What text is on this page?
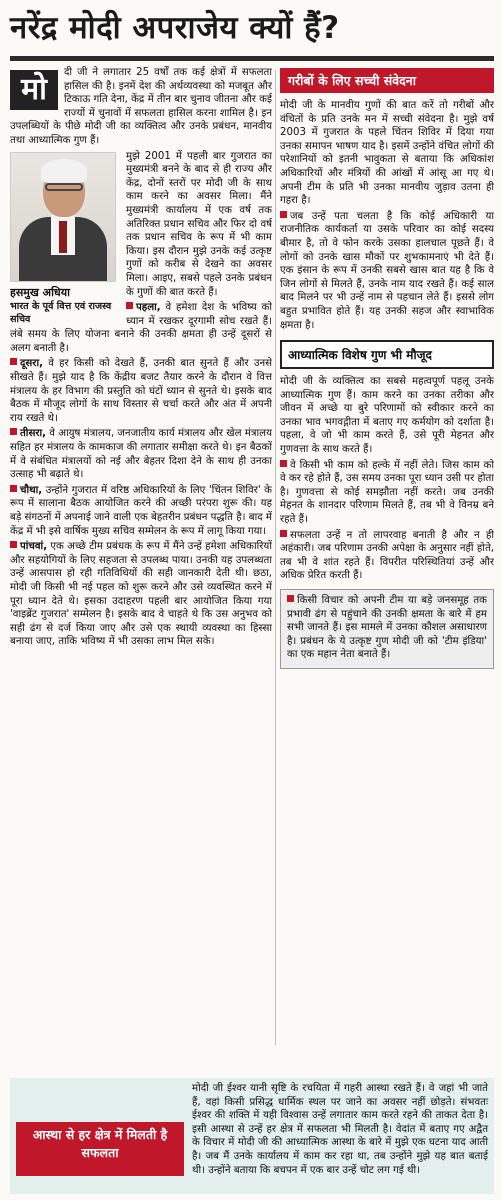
नरेंद्र मोदी अपराजेय क्यों हैं?
मो	दी जी ने लगातार 25 वर्षों तक कई क्षेत्रों में सफलता हासिल की है। इनमें देश की अर्थव्यवस्था को मजबूत और टिकाऊ गति देना, केंद्र में तीन बार चुनाव जीतना और कई राज्यों में चुनावों में सफलता हासिल करना शामिल है। इन उपलब्धियों के पीछे मोदी जी का व्यक्तित्व और उनके प्रबंधन, मानवीय तथा आध्यात्मिक गुण हैं।

हसमुख अधिया
भारत के पूर्व वित्त एवं राजस्व सचिव

मुझे 2001 में पहली बार गुजरात का मुख्यमंत्री बनने के बाद से ही राज्य और केंद्र, दोनों स्तरों पर मोदी जी के साथ काम करने का अवसर मिला। मैंने मुख्यमंत्री कार्यालय में एक वर्ष तक अतिरिक्त प्रधान सचिव और फिर दो वर्ष तक प्रधान सचिव के रूप में भी काम किया। इस दौरान मुझे उनके कई उत्कृष्ट गुणों को करीब से देखने का अवसर मिला। आइए, सबसे पहले उनके प्रबंधन के गुणों की बात करते हैं।

पहला, वे हमेशा देश के भविष्य को ध्यान में रखकर दूरगामी सोच रखते हैं। लंबे समय के लिए योजना बनाने की उनकी क्षमता ही उन्हें दूसरों से अलग बनाती है।

दूसरा, वे हर किसी को देखते हैं, उनकी बात सुनते हैं और उनसे सीखते हैं। मुझे याद है कि केंद्रीय बजट तैयार करने के दौरान वे वित्त मंत्रालय के हर विभाग की प्रस्तुति को घंटों ध्यान से सुनते थे। इसके बाद बैठक में मौजूद लोगों के साथ विस्तार से चर्चा करते और अंत में अपनी राय रखते थे।

तीसरा, वे आयुष मंत्रालय, जनजातीय कार्य मंत्रालय और खेल मंत्रालय सहित हर मंत्रालय के कामकाज की लगातार समीक्षा करते थे। इन बैठकों में वे संबंधित मंत्रालयों को नई और बेहतर दिशा देने के साथ ही उनका उत्साह भी बढ़ाते थे।

चौथा, उन्होंने गुजरात में वरिष्ठ अधिकारियों के लिए 'चिंतन शिविर' के रूप में सालाना बैठक आयोजित करने की अच्छी परंपरा शुरू की। यह बड़े संगठनों में अपनाई जाने वाली एक बेहतरीन प्रबंधन पद्धति है। बाद में केंद्र में भी इसे वार्षिक मुख्य सचिव सम्मेलन के रूप में लागू किया गया।

पांचवां, एक अच्छे टीम प्रबंधक के रूप में मैंने उन्हें हमेशा अधिकारियों और सहयोगियों के लिए सहजता से उपलब्ध पाया। उनकी यह उपलब्धता उन्हें आसपास हो रही गतिविधियों की सही जानकारी देती थी। छठा, मोदी जी किसी भी नई पहल को शुरू करने और उसे व्यवस्थित करने में पूरा ध्यान देते थे। इसका उदाहरण पहली बार आयोजित किया गया 'वाइब्रेंट गुजरात' सम्मेलन है। इसके बाद वे चाहते थे कि उस अनुभव को सही ढंग से दर्ज किया जाए और उसे एक स्थायी व्यवस्था का हिस्सा बनाया जाए, ताकि भविष्य में भी उसका लाभ मिल सके।

गरीबों के लिए सच्ची संवेदना

मोदी जी के मानवीय गुणों की बात करें तो गरीबों और वंचितों के प्रति उनके मन में सच्ची संवेदना है। मुझे वर्ष 2003 में गुजरात के पहले चिंतन शिविर में दिया गया उनका समापन भाषण याद है। इसमें उन्होंने वंचित लोगों की परेशानियों को इतनी भावुकता से बताया कि अधिकांश अधिकारियों और मंत्रियों की आंखों में आंसू आ गए थे। अपनी टीम के प्रति भी उनका मानवीय जुड़ाव उतना ही गहरा है।

जब उन्हें पता चलता है कि कोई अधिकारी या राजनीतिक कार्यकर्ता या उसके परिवार का कोई सदस्य बीमार है, तो वे फोन करके उसका हालचाल पूछते हैं। वे लोगों को उनके खास मौकों पर शुभकामनाएं भी देते हैं। एक इंसान के रूप में उनकी सबसे खास बात यह है कि वे जिन लोगों से मिलते हैं, उनके नाम याद रखते हैं। कई साल बाद मिलने पर भी उन्हें नाम से पहचान लेते हैं। इससे लोग बहुत प्रभावित होते हैं। यह उनकी सहज और स्वाभाविक क्षमता है।

आध्यात्मिक विशेष गुण भी मौजूद

मोदी जी के व्यक्तित्व का सबसे महत्वपूर्ण पहलू उनके आध्यात्मिक गुण हैं। काम करने का उनका तरीका और जीवन में अच्छे या बुरे परिणामों को स्वीकार करने का उनका भाव भगवद्गीता में बताए गए कर्मयोग को दर्शाता है। पहला, वे जो भी काम करते हैं, उसे पूरी मेहनत और गुणवत्ता के साथ करते हैं।

वे किसी भी काम को हल्के में नहीं लेते। जिस काम को वे कर रहे होते हैं, उस समय उनका पूरा ध्यान उसी पर होता है। गुणवत्ता से कोई समझौता नहीं करते। जब उनकी मेहनत के शानदार परिणाम मिलते हैं, तब भी वे विनम्र बने रहते हैं।

सफलता उन्हें न तो लापरवाह बनाती है और न ही अहंकारी। जब परिणाम उनकी अपेक्षा के अनुसार नहीं होते, तब भी वे शांत रहते हैं। विपरीत परिस्थितियां उन्हें और अधिक प्रेरित करती हैं।

किसी विचार को अपनी टीम या बड़े जनसमूह तक प्रभावी ढंग से पहुंचाने की उनकी क्षमता के बारे में हम सभी जानते हैं। इस मामले में उनका कौशल असाधारण है। प्रबंधन के ये उत्कृष्ट गुण मोदी जी को 'टीम इंडिया' का एक महान नेता बनाते हैं।

आस्था से हर क्षेत्र में मिलती है सफलता

मोदी जी ईश्वर यानी सृष्टि के रचयिता में गहरी आस्था रखते हैं। वे जहां भी जाते हैं, वहां किसी प्रसिद्ध धार्मिक स्थल पर जाने का अवसर नहीं छोड़ते। संभवतः ईश्वर की शक्ति में यही विश्वास उन्हें लगातार काम करते रहने की ताकत देता है। इसी आस्था से उन्हें हर क्षेत्र में सफलता भी मिलती है। वेदांत में बताए गए अद्वैत के विचार में मोदी जी की आध्यात्मिक आस्था के बारे में मुझे एक घटना याद आती है। जब मैं उनके कार्यालय में काम कर रहा था, तब उन्होंने मुझे यह बात बताई थी। उन्होंने बताया कि बचपन में एक बार उन्हें चोट लग गई थी।
